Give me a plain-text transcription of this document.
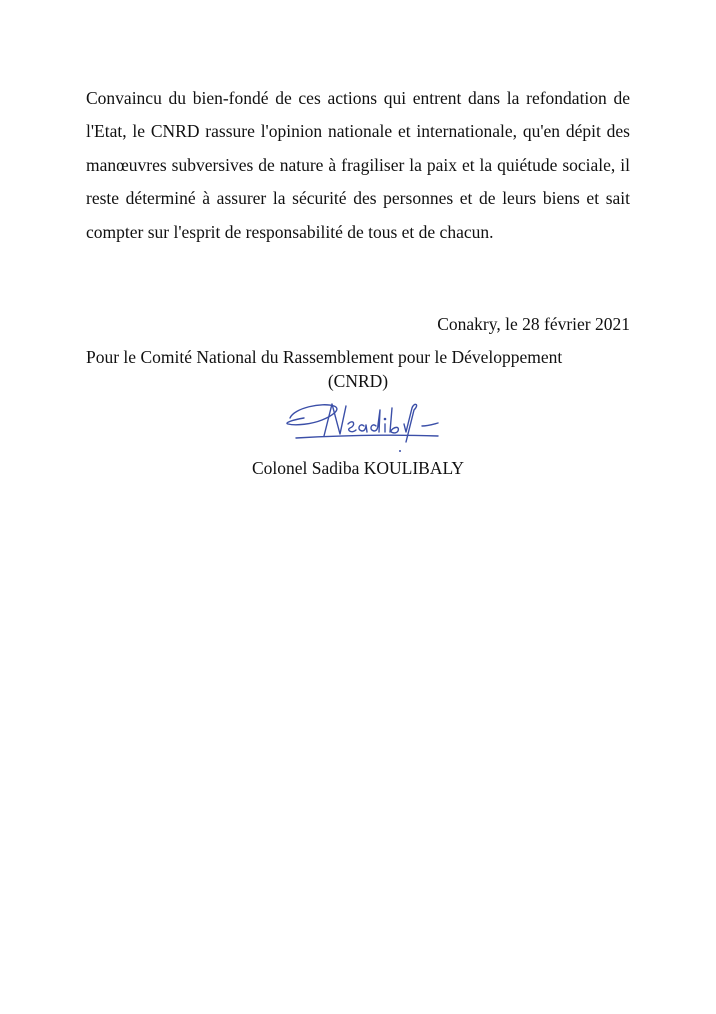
Convaincu du bien-fondé de ces actions qui entrent dans la refondation de l'Etat, le CNRD rassure l'opinion nationale et internationale, qu'en dépit des manœuvres subversives de nature à fragiliser la paix et la quiétude sociale, il reste déterminé à assurer la sécurité des personnes et de leurs biens et sait compter sur l'esprit de responsabilité de tous et de chacun.

Conakry, le 28 février 2021

Pour le Comité National du Rassemblement pour le Développement

(CNRD)

Colonel Sadiba KOULIBALY
